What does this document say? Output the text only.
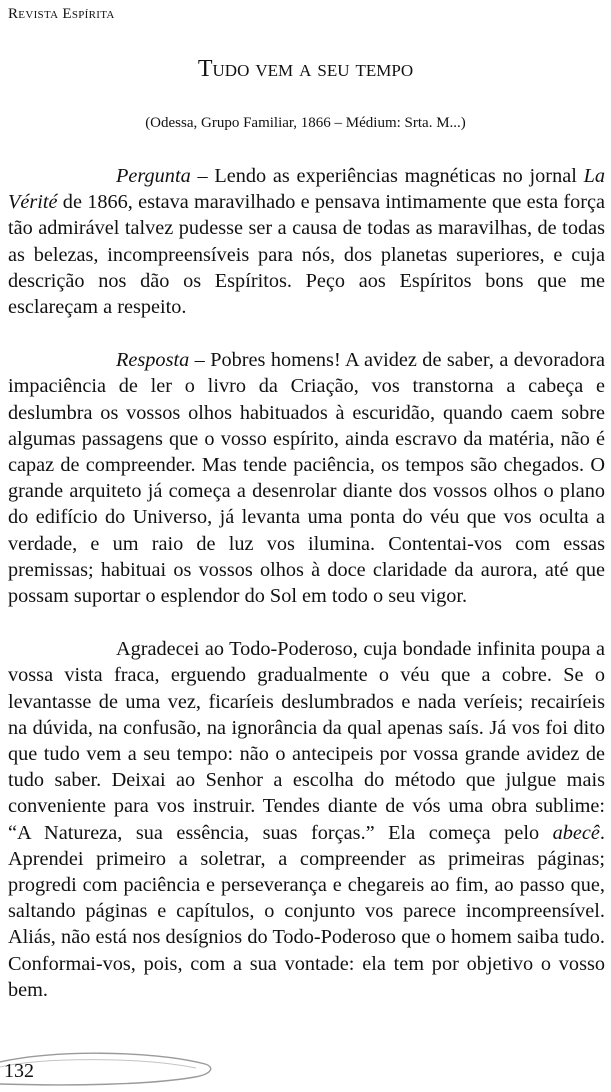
Revista Espírita
Tudo vem a seu tempo
(Odessa, Grupo Familiar, 1866 – Médium: Srta. M...)

Pergunta – Lendo as experiências magnéticas no jornal La Vérité de 1866, estava maravilhado e pensava intimamente que esta força tão admirável talvez pudesse ser a causa de todas as maravilhas, de todas as belezas, incompreensíveis para nós, dos planetas superiores, e cuja descrição nos dão os Espíritos. Peço aos Espíritos bons que me esclareçam a respeito.

Resposta – Pobres homens! A avidez de saber, a devoradora impaciência de ler o livro da Criação, vos transtorna a cabeça e deslumbra os vossos olhos habituados à escuridão, quando caem sobre algumas passagens que o vosso espírito, ainda escravo da matéria, não é capaz de compreender. Mas tende paciência, os tempos são chegados. O grande arquiteto já começa a desenrolar diante dos vossos olhos o plano do edifício do Universo, já levanta uma ponta do véu que vos oculta a verdade, e um raio de luz vos ilumina. Contentai-vos com essas premissas; habituai os vossos olhos à doce claridade da aurora, até que possam suportar o esplendor do Sol em todo o seu vigor.

Agradecei ao Todo-Poderoso, cuja bondade infinita poupa a vossa vista fraca, erguendo gradualmente o véu que a cobre. Se o levantasse de uma vez, ficaríeis deslumbrados e nada veríeis; recairíeis na dúvida, na confusão, na ignorância da qual apenas saís. Já vos foi dito que tudo vem a seu tempo: não o antecipeis por vossa grande avidez de tudo saber. Deixai ao Senhor a escolha do método que julgue mais conveniente para vos instruir. Tendes diante de vós uma obra sublime: “A Natureza, sua essência, suas forças.” Ela começa pelo abecê. Aprendei primeiro a soletrar, a compreender as primeiras páginas; progredi com paciência e perseverança e chegareis ao fim, ao passo que, saltando páginas e capítulos, o conjunto vos parece incompreensível. Aliás, não está nos desígnios do Todo-Poderoso que o homem saiba tudo. Conformai-vos, pois, com a sua vontade: ela tem por objetivo o vosso bem.

132
